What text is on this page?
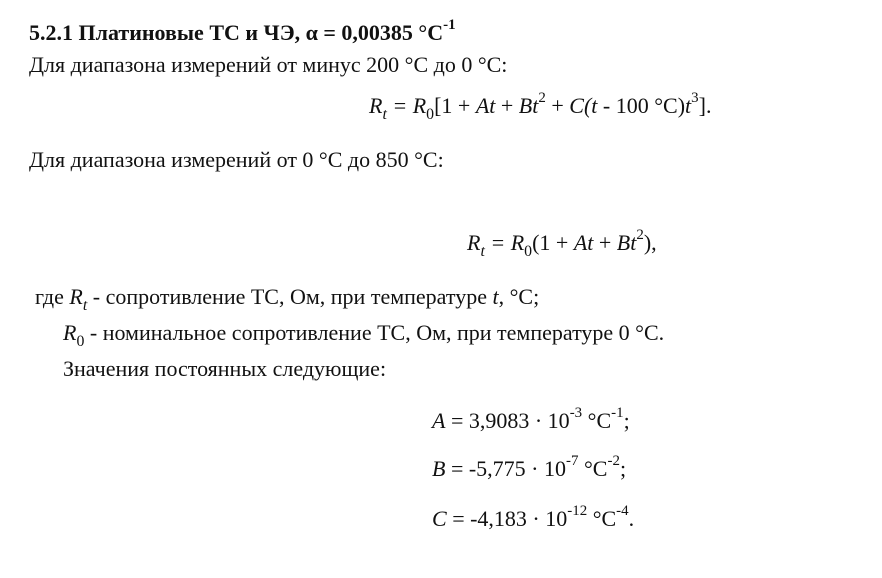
5.2.1 Платиновые ТС и ЧЭ, α = 0,00385 $^\circ С^{-1}$
Для диапазона измерений от минус 200 °С до 0 °С:
$R_t = R_0[1 + At + Bt^2 + C(t - 100$ $^\circ C)t^3$].
Для диапазона измерений от 0 °С до 850 °С:
$R_t = R_0(1 + At + Bt^2)$,
где $R_t$ - сопротивление ТС, Ом, при температуре t, °С;
$R_0$ - номинальное сопротивление ТС, Ом, при температуре 0 °С.
Значения постоянных следующие:
$A = 3,9083 \cdot 10^{-3}$ $^\circ C^{-1}$;
$B = -5,775 \cdot 10^{-7}$ $^\circ C^{-2}$;
$C = -4,183 \cdot 10^{-12}$ $^\circ C^{-4}$.
